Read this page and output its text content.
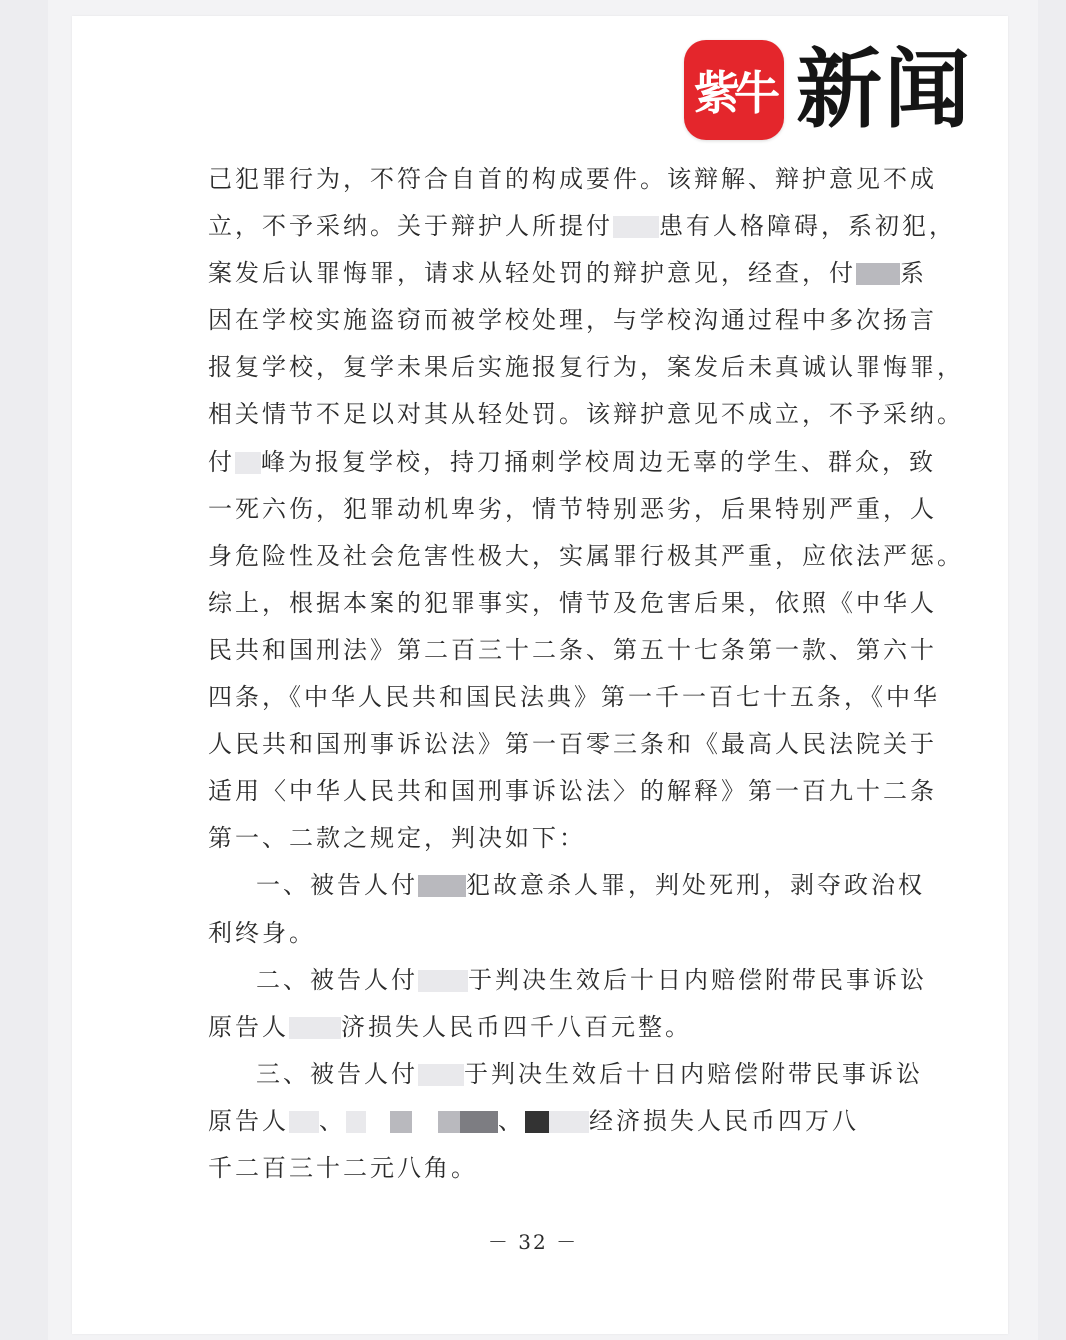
紫牛 新闻
己犯罪行为，不符合自首的构成要件。该辩解、辩护意见不成
立，不予采纳。关于辩护人所提付 患有人格障碍，系初犯，
案发后认罪悔罪，请求从轻处罚的辩护意见，经查，付 系
因在学校实施盗窃而被学校处理，与学校沟通过程中多次扬言
报复学校，复学未果后实施报复行为，案发后未真诚认罪悔罪，
相关情节不足以对其从轻处罚。该辩护意见不成立，不予采纳。
付 峰为报复学校，持刀捅刺学校周边无辜的学生、群众，致
一死六伤，犯罪动机卑劣，情节特别恶劣，后果特别严重，人
身危险性及社会危害性极大，实属罪行极其严重，应依法严惩。
综上，根据本案的犯罪事实，情节及危害后果，依照《中华人
民共和国刑法》第二百三十二条、第五十七条第一款、第六十
四条，《中华人民共和国民法典》第一千一百七十五条，《中华
人民共和国刑事诉讼法》第一百零三条和《最高人民法院关于
适用〈中华人民共和国刑事诉讼法〉的解释》第一百九十二条
第一、二款之规定，判决如下：
一、被告人付 犯故意杀人罪，判处死刑，剥夺政治权
利终身。
二、被告人付 于判决生效后十日内赔偿附带民事诉讼
原告人 济损失人民币四千八百元整。
三、被告人付 于判决生效后十日内赔偿附带民事诉讼
原告人 、	、	经济损失人民币四万八
千二百三十二元八角。
－ 32 －
